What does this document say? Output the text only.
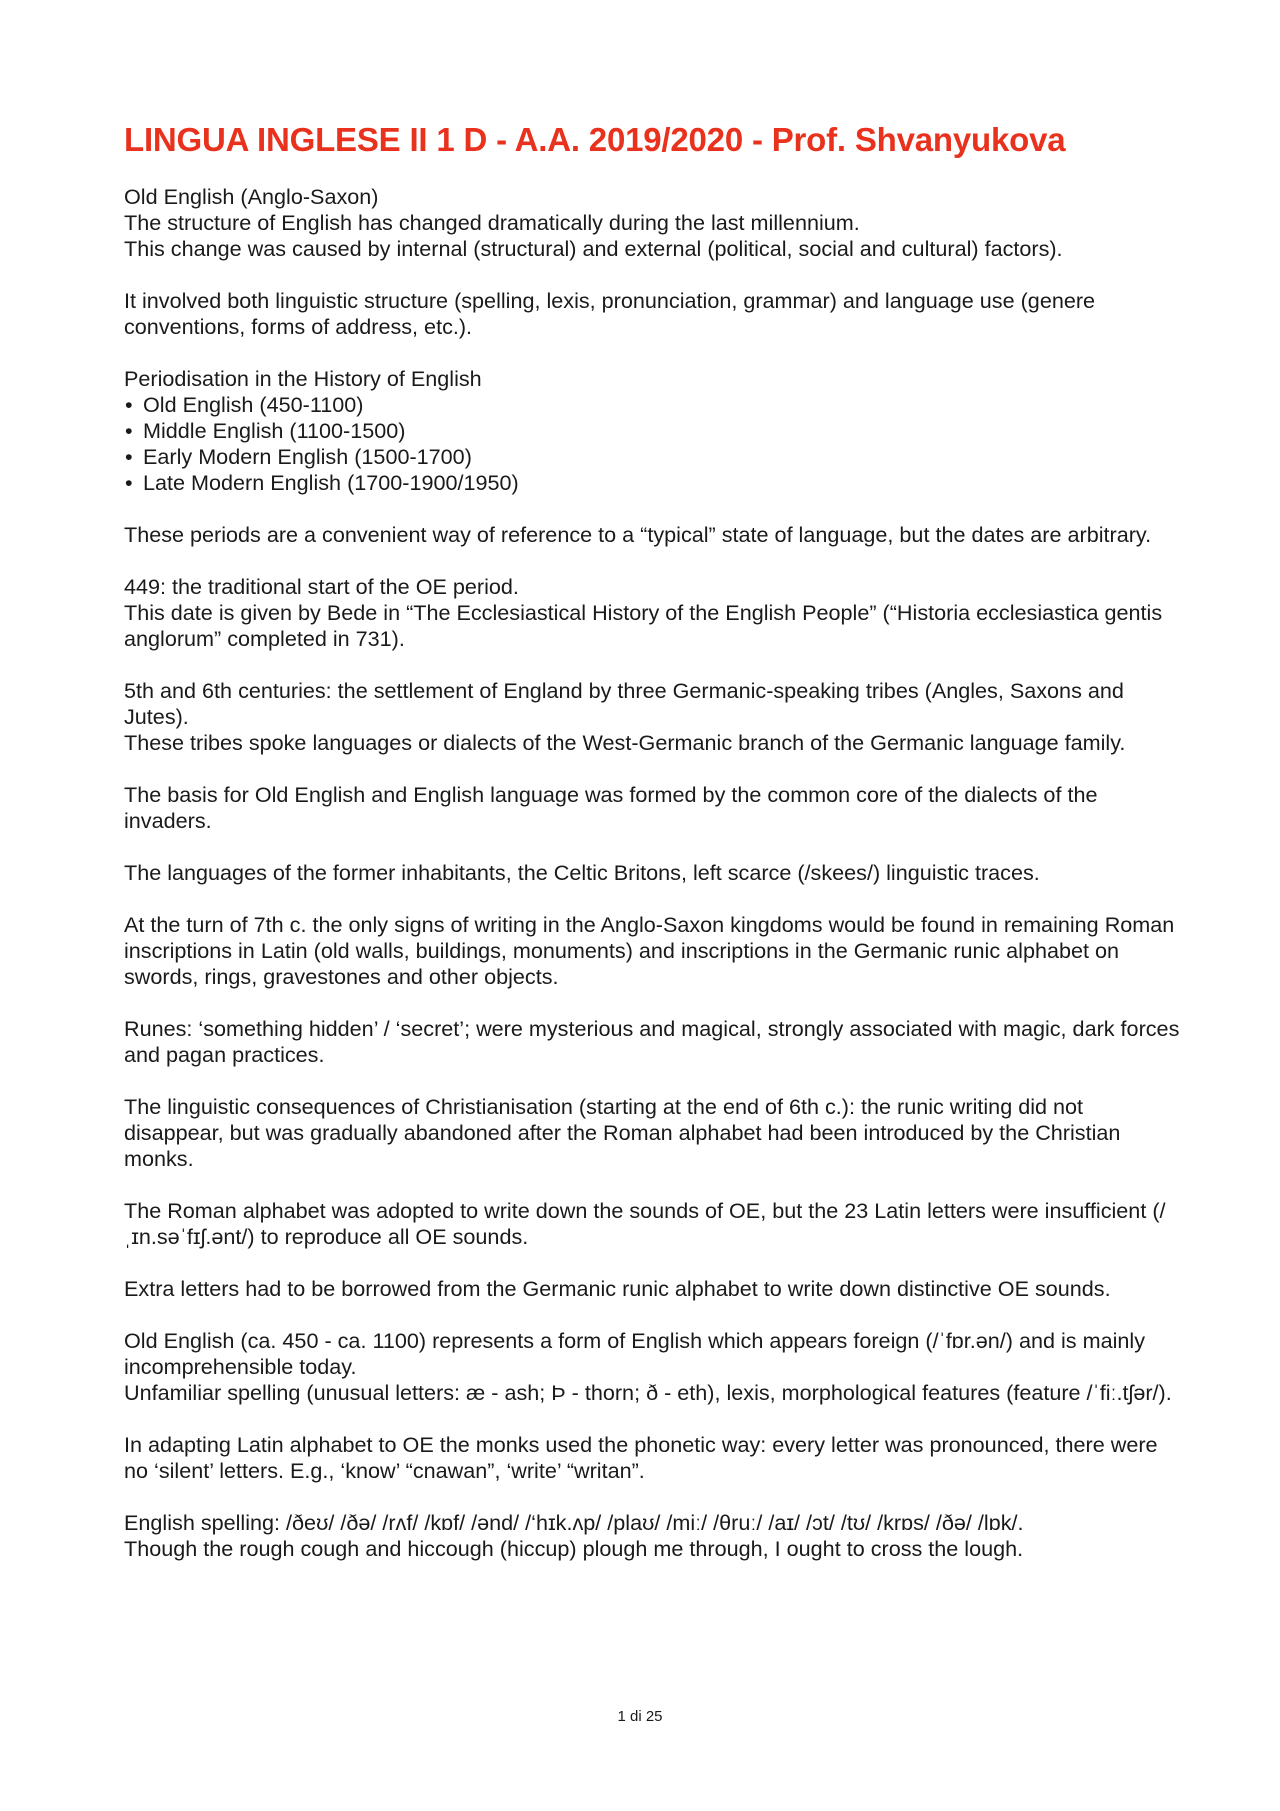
LINGUA INGLESE II 1 D - A.A. 2019/2020 - Prof. Shvanyukova
Old English (Anglo-Saxon)
The structure of English has changed dramatically during the last millennium.
This change was caused by internal (structural) and external (political, social and cultural) factors).
It involved both linguistic structure (spelling, lexis, pronunciation, grammar) and language use (genere conventions, forms of address, etc.).
Periodisation in the History of English
• Old English (450-1100)
• Middle English (1100-1500)
• Early Modern English (1500-1700)
• Late Modern English (1700-1900/1950)
These periods are a convenient way of reference to a “typical” state of language, but the dates are arbitrary.
449: the traditional start of the OE period.
This date is given by Bede in “The Ecclesiastical History of the English People” (“Historia ecclesiastica gentis anglorum” completed in 731).
5th and 6th centuries: the settlement of England by three Germanic-speaking tribes (Angles, Saxons and Jutes).
These tribes spoke languages or dialects of the West-Germanic branch of the Germanic language family.
The basis for Old English and English language was formed by the common core of the dialects of the invaders.
The languages of the former inhabitants, the Celtic Britons, left scarce (/skees/) linguistic traces.
At the turn of 7th c. the only signs of writing in the Anglo-Saxon kingdoms would be found in remaining Roman inscriptions in Latin (old walls, buildings, monuments) and inscriptions in the Germanic runic alphabet on swords, rings, gravestones and other objects.
Runes: ‘something hidden’ / ‘secret’; were mysterious and magical, strongly associated with magic, dark forces and pagan practices.
The linguistic consequences of Christianisation (starting at the end of 6th c.): the runic writing did not disappear, but was gradually abandoned after the Roman alphabet had been introduced by the Christian monks.
The Roman alphabet was adopted to write down the sounds of OE, but the 23 Latin letters were insufficient (/ˌɪn.səˈfɪʃ.ənt/) to reproduce all OE sounds.
Extra letters had to be borrowed from the Germanic runic alphabet to write down distinctive OE sounds.
Old English (ca. 450 - ca. 1100) represents a form of English which appears foreign (/ˈfɒr.ən/) and is mainly incomprehensible today.
Unfamiliar spelling (unusual letters: æ - ash; Þ - thorn; ð - eth), lexis, morphological features (feature /ˈfiː.tʃər/).
In adapting Latin alphabet to OE the monks used the phonetic way: every letter was pronounced, there were no ‘silent’ letters. E.g., ‘know’ “cnawan”, ‘write’ “writan”.
English spelling: /ðeʊ/ /ðə/ /rʌf/ /kɒf/ /ənd/ /‘hɪk.ʌp/ /plaʊ/ /miː/ /θruː/ /aɪ/ /ɔt/ /tʊ/ /krɒs/ /ðə/ /lɒk/.
Though the rough cough and hiccough (hiccup) plough me through, I ought to cross the lough.
1 di 25
